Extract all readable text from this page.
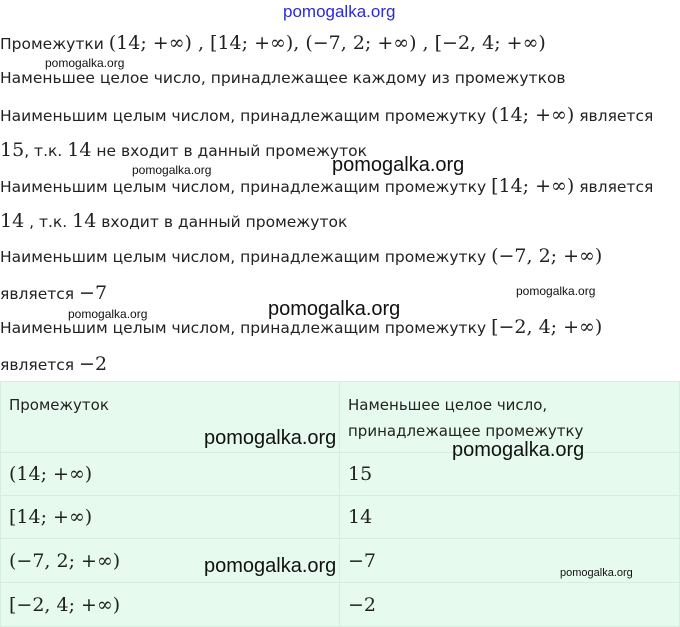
pomogalka.org
Промежутки (14; +∞) , [14; +∞), (−7, 2; +∞) , [−2, 4; +∞)
Наменьшее целое число, принадлежащее каждому из промежутков
Наименьшим целым числом, принадлежащим промежутку (14; +∞) является
15, т.к. 14 не входит в данный промежуток
Наименьшим целым числом, принадлежащим промежутку [14; +∞) является
14 , т.к. 14 входит в данный промежуток
Наименьшим целым числом, принадлежащим промежутку (−7, 2; +∞)
является −7
Наименьшим целым числом, принадлежащим промежутку [−2, 4; +∞)
является −2
Промежуток	Наменьшее целое число,
принадлежащее промежутку
(14; +∞)	15
[14; +∞)	14
(−7, 2; +∞)	−7
[−2, 4; +∞)	−2
pomogalka.org
pomogalka.org	pomogalka.org
pomogalka.org
pomogalka.org	pomogalka.org
pomogalka.org
pomogalka.org
pomogalka.org	pomogalka.org
